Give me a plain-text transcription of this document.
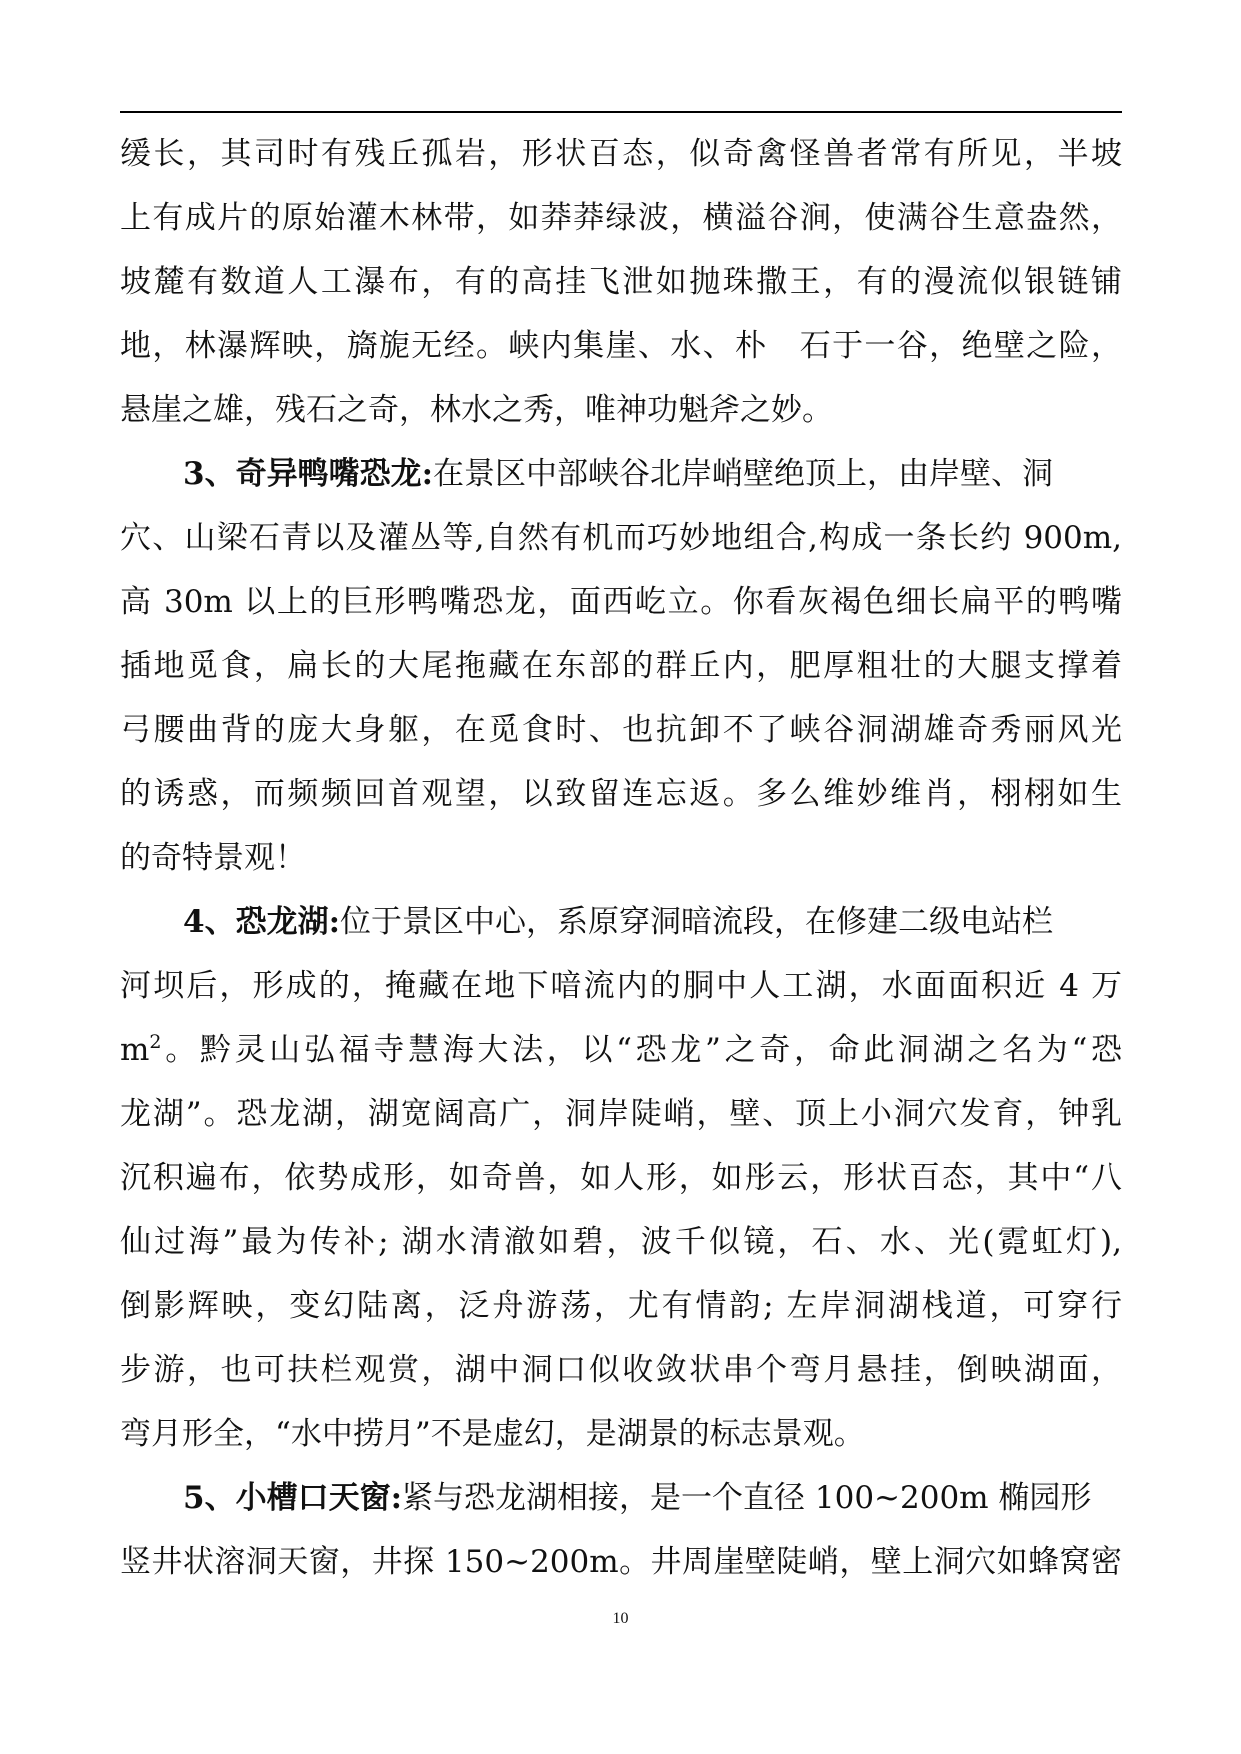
缓长，其司时有残丘孤岩，形状百态，似奇禽怪兽者常有所见，半坡
上有成片的原始灌木林带，如莽莽绿波，横溢谷涧，使满谷生意盎然，
坡麓有数道人工瀑布，有的高挂飞泄如抛珠撒王，有的漫流似银链铺
地，林瀑辉映，旖旎无经。峡内集崖、水、朴　石于一谷，绝壁之险，
悬崖之雄，残石之奇，林水之秀，唯神功魁斧之妙。
3、奇异鸭嘴恐龙:在景区中部峡谷北岸峭壁绝顶上，由岸壁、洞
穴、山梁石青以及灌丛等,自然有机而巧妙地组合,构成一条长约 900m,
高 30m 以上的巨形鸭嘴恐龙，面西屹立。你看灰褐色细长扁平的鸭嘴
插地觅食，扁长的大尾拖藏在东部的群丘内，肥厚粗壮的大腿支撑着
弓腰曲背的庞大身躯，在觅食时、也抗卸不了峡谷洞湖雄奇秀丽风光
的诱惑，而频频回首观望，以致留连忘返。多么维妙维肖，栩栩如生
的奇特景观！
4、恐龙湖:位于景区中心，系原穿洞暗流段，在修建二级电站栏
河坝后，形成的，掩藏在地下喑流内的胴中人工湖，水面面积近 4 万
$m^2$。黔灵山弘福寺慧海大法，以“恐龙”之奇，命此洞湖之名为“恐
龙湖”。恐龙湖，湖宽阔高广，洞岸陡峭，壁、顶上小洞穴发育，钟乳
沉积遍布，依势成形，如奇兽，如人形，如彤云，形状百态，其中“八
仙过海”最为传补; 湖水清澈如碧，波千似镜，石、水、光(霓虹灯),
倒影辉映，变幻陆离，泛舟游荡，尤有情韵; 左岸洞湖栈道，可穿行
步游，也可扶栏观赏，湖中洞口似收敛状串个弯月悬挂，倒映湖面，
弯月形全，“水中捞月”不是虚幻，是湖景的标志景观。
5、小槽口天窗:紧与恐龙湖相接，是一个直径 100~200m 椭园形
竖井状溶洞天窗，井探 150~200m。井周崖壁陡峭，壁上洞穴如蜂窝密
10
